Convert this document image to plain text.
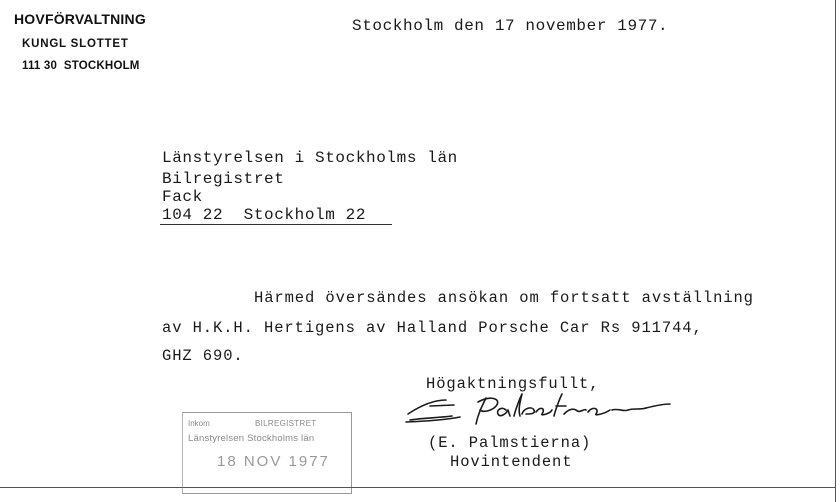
HOVFÖRVALTNING
KUNGL SLOTTET
111 30  STOCKHOLM
Stockholm den 17 november 1977.
Länstyrelsen i Stockholms län
Bilregistret
Fack
104 22  Stockholm 22
Härmed översändes ansökan om fortsatt avställning
av H.K.H. Hertigens av Halland Porsche Car Rs 911744,
GHZ 690.
Högaktningsfullt,
(E. Palmstierna)
Hovintendent
Inkom	BILREGISTRET
Länstyrelsen Stockholms län
18 NOV 1977
